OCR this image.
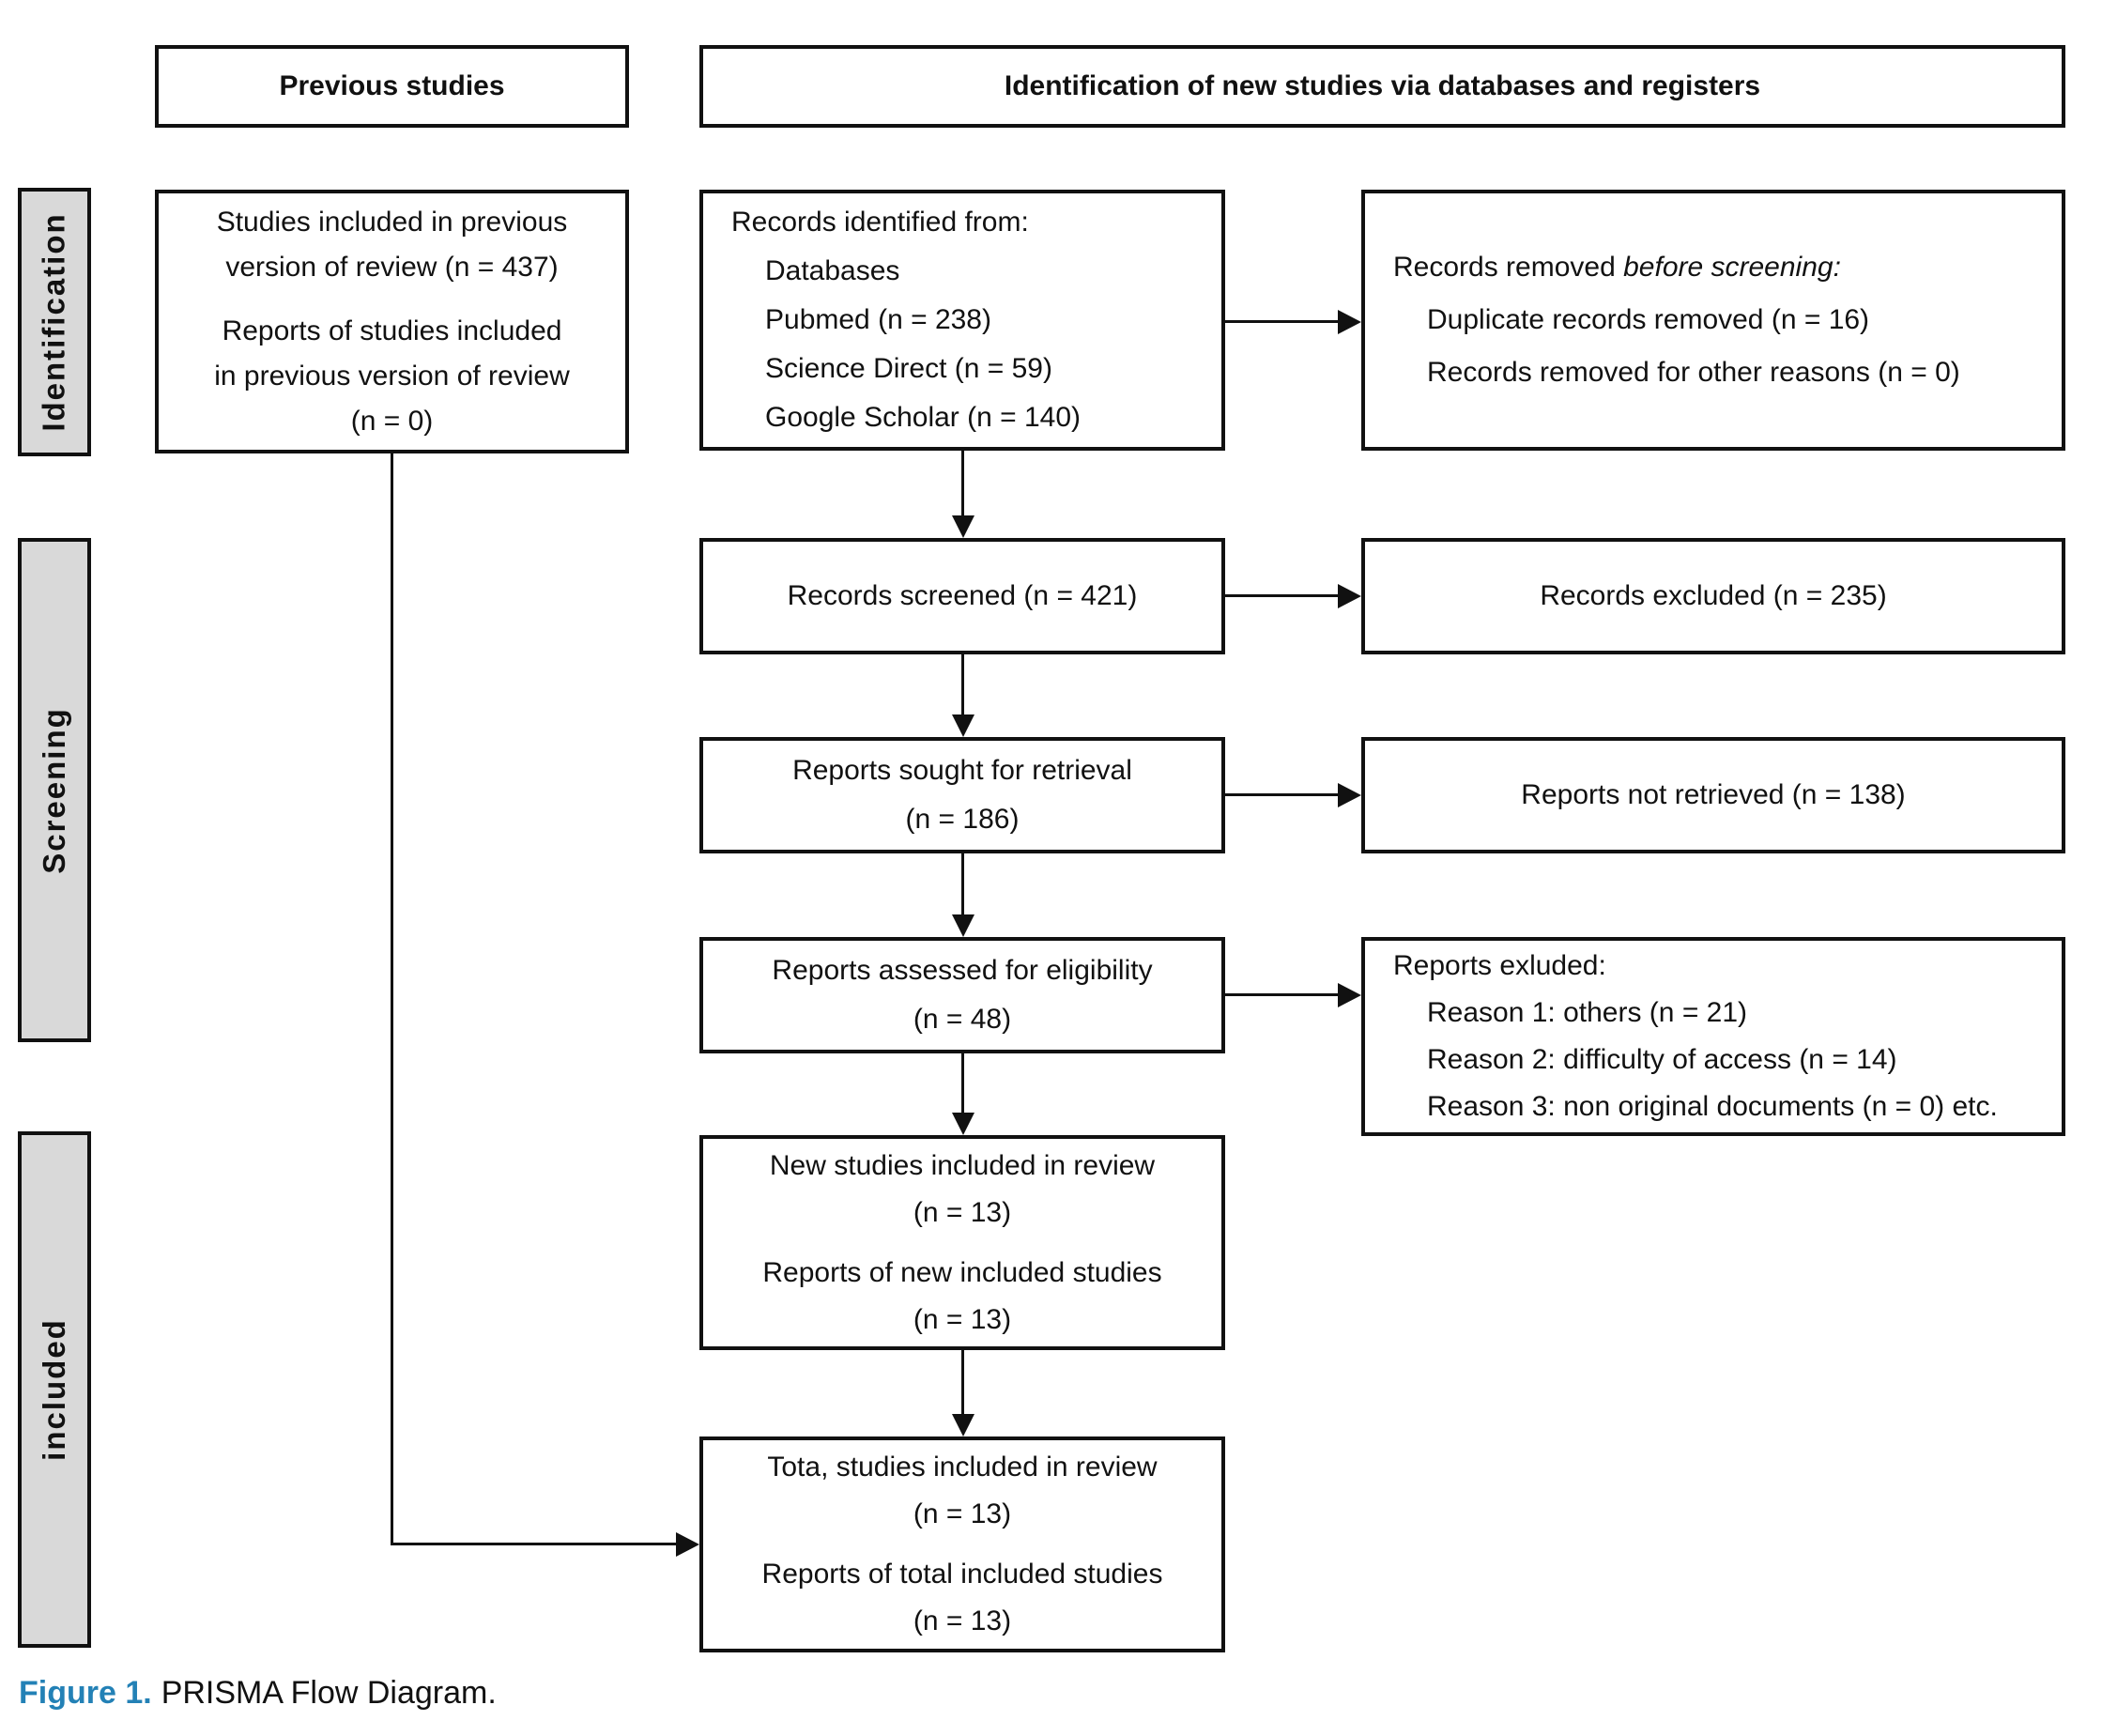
Previous studies	Identification of new studies via databases and registers
Identification
Screening
included
Studies included in previous
version of review (n = 437)
Reports of studies included
in previous version of review
(n = 0)
Records identified from:
Databases
Pubmed (n = 238)
Science Direct (n = 59)
Google Scholar (n = 140)
Records removed before screening:
Duplicate records removed (n = 16)
Records removed for other reasons (n = 0)
Records screened (n = 421)	Records excluded (n = 235)
Reports sought for retrieval
(n = 186)
Reports not retrieved (n = 138)
Reports assessed for eligibility
(n = 48)
Reports exluded:
Reason 1: others (n = 21)
Reason 2: difficulty of access (n = 14)
Reason 3: non original documents (n = 0) etc.
New studies included in review
(n = 13)
Reports of new included studies
(n = 13)
Tota, studies included in review
(n = 13)
Reports of total included studies
(n = 13)
Figure 1. PRISMA Flow Diagram.
